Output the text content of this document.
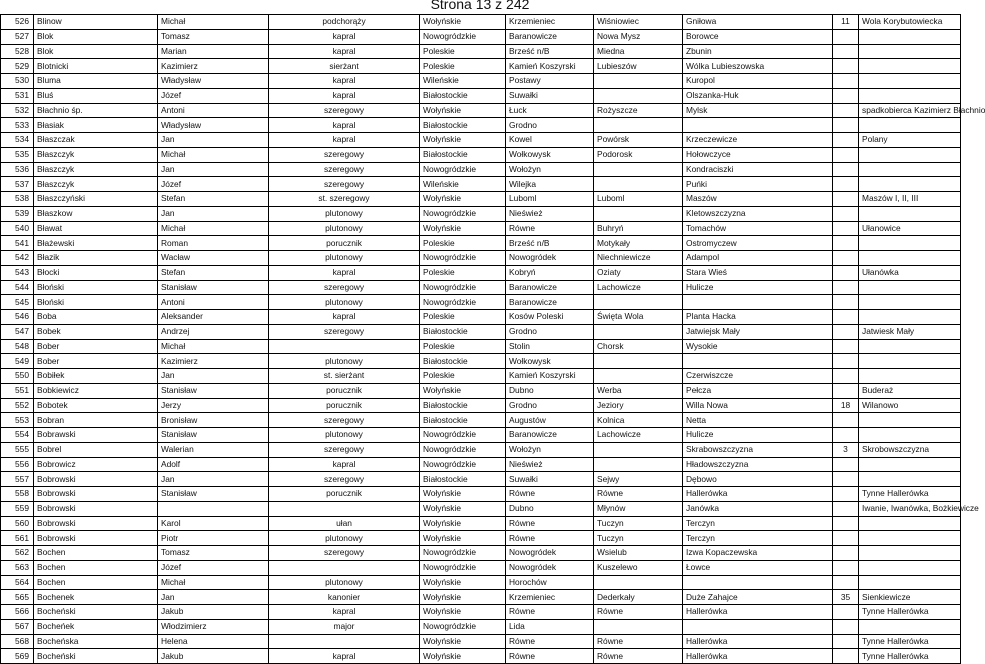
Strona 13 z 242
526	Blinow	Michał	podchorąży	Wołyńskie	Krzemieniec	Wiśniowiec	Gniłowa	11	Wola Korybutowiecka
527	Blok	Tomasz	kapral	Nowogródzkie	Baranowicze	Nowa Mysz	Borowce		
528	Blok	Marian	kapral	Poleskie	Brześć n/B	Miedna	Zbunin		
529	Blotnicki	Kazimierz	sierżant	Poleskie	Kamień Koszyrski	Lubieszów	Wólka Lubieszowska		
530	Bluma	Władysław	kapral	Wileńskie	Postawy		Kuropol		
531	Bluś	Józef	kapral	Białostockie	Suwałki		Olszanka-Huk		
532	Błachnio śp.	Antoni	szeregowy	Wołyńskie	Łuck	Rożyszcze	Mylsk		spadkobierca Kazimierz Błachnio
533	Błasiak	Władysław	kapral	Białostockie	Grodno				
534	Błaszczak	Jan	kapral	Wołyńskie	Kowel	Powórsk	Krzeczewicze		Polany
535	Błaszczyk	Michał	szeregowy	Białostockie	Wołkowysk	Podorosk	Hołowczyce		
536	Błaszczyk	Jan	szeregowy	Nowogródzkie	Wołożyn		Kondraciszki		
537	Błaszczyk	Józef	szeregowy	Wileńskie	Wilejka		Puńki		
538	Błaszczyński	Stefan	st. szeregowy	Wołyńskie	Luboml	Luboml	Maszów		Maszów I, II, III
539	Błaszkow	Jan	plutonowy	Nowogródzkie	Nieśwież		Kletowszczyzna		
540	Bławat	Michał	plutonowy	Wołyńskie	Równe	Buhryń	Tomachów		Ułanowice
541	Błażewski	Roman	porucznik	Poleskie	Brześć n/B	Motykały	Ostromyczew		
542	Błazik	Wacław	plutonowy	Nowogródzkie	Nowogródek	Niechniewicze	Adampol		
543	Błocki	Stefan	kapral	Poleskie	Kobryń	Oziaty	Stara Wieś		Ułanówka
544	Błoński	Stanisław	szeregowy	Nowogródzkie	Baranowicze	Lachowicze	Hulicze		
545	Błoński	Antoni	plutonowy	Nowogródzkie	Baranowicze				
546	Boba	Aleksander	kapral	Poleskie	Kosów Poleski	Święta Wola	Planta Hacka		
547	Bobek	Andrzej	szeregowy	Białostockie	Grodno		Jatwiejsk Mały		Jatwiesk Mały
548	Bober	Michał		Poleskie	Stolin	Chorsk	Wysokie		
549	Bober	Kazimierz	plutonowy	Białostockie	Wołkowysk				
550	Bobiłek	Jan	st. sierżant	Poleskie	Kamień Koszyrski		Czerwiszcze		
551	Bobkiewicz	Stanisław	porucznik	Wołyńskie	Dubno	Werba	Pełcza		Buderaż
552	Bobotek	Jerzy	porucznik	Białostockie	Grodno	Jeziory	Willa Nowa	18	Wilanowo
553	Bobran	Bronisław	szeregowy	Białostockie	Augustów	Kolnica	Netta		
554	Bobrawski	Stanisław	plutonowy	Nowogródzkie	Baranowicze	Lachowicze	Hulicze		
555	Bobrel	Walerian	szeregowy	Nowogródzkie	Wołożyn		Skrabowszczyzna	3	Skrobowszczyzna
556	Bobrowicz	Adolf	kapral	Nowogródzkie	Nieśwież		Hładowszczyzna		
557	Bobrowski	Jan	szeregowy	Białostockie	Suwałki	Sejwy	Dębowo		
558	Bobrowski	Stanisław	porucznik	Wołyńskie	Równe	Równe	Hallerówka		Tynne Hallerówka
559	Bobrowski			Wołyńskie	Dubno	Młynów	Janówka		Iwanie, Iwanówka, Bożkiewicze
560	Bobrowski	Karol	ułan	Wołyńskie	Równe	Tuczyn	Terczyn		
561	Bobrowski	Piotr	plutonowy	Wołyńskie	Równe	Tuczyn	Terczyn		
562	Bochen	Tomasz	szeregowy	Nowogródzkie	Nowogródek	Wsielub	Izwa Kopaczewska		
563	Bochen	Józef		Nowogródzkie	Nowogródek	Kuszelewo	Łowce		
564	Bochen	Michał	plutonowy	Wołyńskie	Horochów				
565	Bochenek	Jan	kanonier	Wołyńskie	Krzemieniec	Dederkały	Duże Zahajce	35	Sienkiewicze
566	Bocheński	Jakub	kapral	Wołyńskie	Równe	Równe	Hallerówka		Tynne Hallerówka
567	Bocheńek	Włodzimierz	major	Nowogródzkie	Lida				
568	Bocheńska	Helena		Wołyńskie	Równe	Równe	Hallerówka		Tynne Hallerówka
569	Bocheński	Jakub	kapral	Wołyńskie	Równe	Równe	Hallerówka		Tynne Hallerówka
